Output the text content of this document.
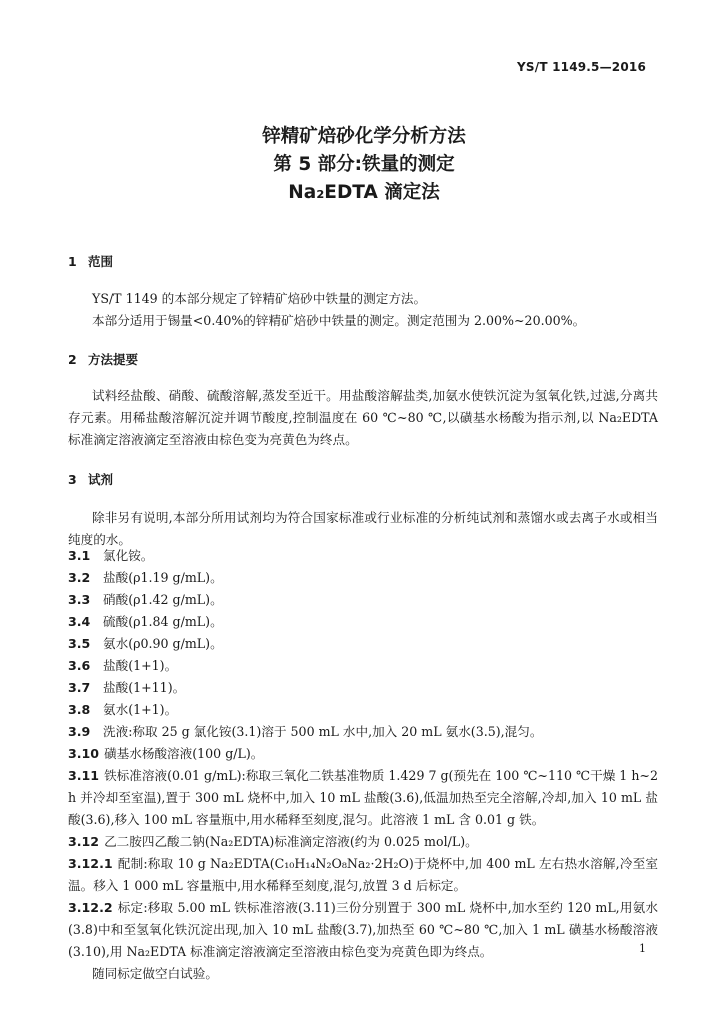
YS/T 1149.5—2016
锌精矿焙砂化学分析方法
第 5 部分:铁量的测定
Na₂EDTA 滴定法
1 范围

YS/T 1149 的本部分规定了锌精矿焙砂中铁量的测定方法。

本部分适用于锡量<0.40%的锌精矿焙砂中铁量的测定。测定范围为 2.00%~20.00%。

2 方法提要

试料经盐酸、硝酸、硫酸溶解,蒸发至近干。用盐酸溶解盐类,加氨水使铁沉淀为氢氧化铁,过滤,分离共存元素。用稀盐酸溶解沉淀并调节酸度,控制温度在 60 ℃~80 ℃,以磺基水杨酸为指示剂,以 Na₂EDTA 标准滴定溶液滴定至溶液由棕色变为亮黄色为终点。

3 试剂

除非另有说明,本部分所用试剂均为符合国家标准或行业标准的分析纯试剂和蒸馏水或去离子水或相当纯度的水。

3.1 氯化铵。

3.2 盐酸(ρ1.19 g/mL)。

3.3 硝酸(ρ1.42 g/mL)。

3.4 硫酸(ρ1.84 g/mL)。

3.5 氨水(ρ0.90 g/mL)。

3.6 盐酸(1+1)。

3.7 盐酸(1+11)。

3.8 氨水(1+1)。

3.9 洗液:称取 25 g 氯化铵(3.1)溶于 500 mL 水中,加入 20 mL 氨水(3.5),混匀。

3.10 磺基水杨酸溶液(100 g/L)。

3.11 铁标准溶液(0.01 g/mL):称取三氧化二铁基准物质 1.429 7 g(预先在 100 ℃~110 ℃干燥 1 h~2 h 并冷却至室温),置于 300 mL 烧杯中,加入 10 mL 盐酸(3.6),低温加热至完全溶解,冷却,加入 10 mL 盐酸(3.6),移入 100 mL 容量瓶中,用水稀释至刻度,混匀。此溶液 1 mL 含 0.01 g 铁。

3.12 乙二胺四乙酸二钠(Na₂EDTA)标准滴定溶液(约为 0.025 mol/L)。

3.12.1 配制:称取 10 g Na₂EDTA(C₁₀H₁₄N₂O₈Na₂·2H₂O)于烧杯中,加 400 mL 左右热水溶解,冷至室温。移入 1 000 mL 容量瓶中,用水稀释至刻度,混匀,放置 3 d 后标定。

3.12.2 标定:移取 5.00 mL 铁标准溶液(3.11)三份分别置于 300 mL 烧杯中,加水至约 120 mL,用氨水(3.8)中和至氢氧化铁沉淀出现,加入 10 mL 盐酸(3.7),加热至 60 ℃~80 ℃,加入 1 mL 磺基水杨酸溶液(3.10),用 Na₂EDTA 标准滴定溶液滴定至溶液由棕色变为亮黄色即为终点。

随同标定做空白试验。

1
